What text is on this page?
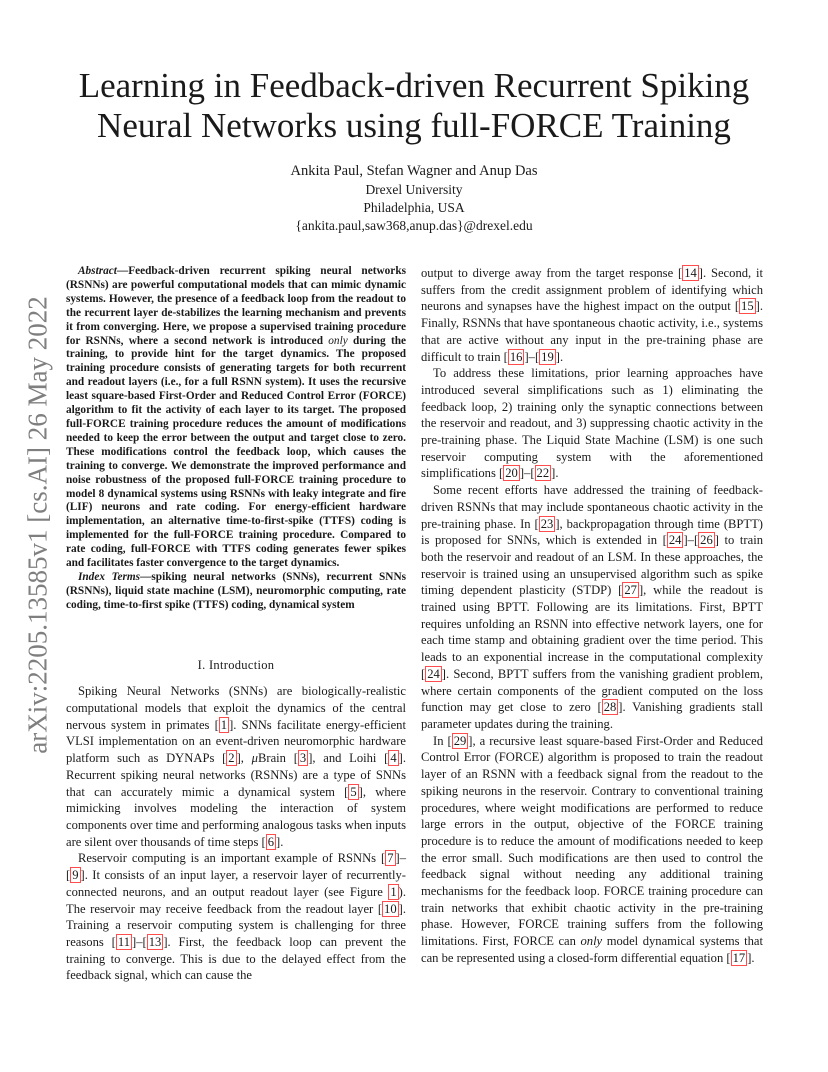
Learning in Feedback-driven Recurrent Spiking Neural Networks using full-FORCE Training
Ankita Paul, Stefan Wagner and Anup Das
Drexel University
Philadelphia, USA
{ankita.paul,saw368,anup.das}@drexel.edu
arXiv:2205.13585v1 [cs.AI] 26 May 2022

Abstract—Feedback-driven recurrent spiking neural networks (RSNNs) are powerful computational models that can mimic dynamic systems. However, the presence of a feedback loop from the readout to the recurrent layer de-stabilizes the learning mechanism and prevents it from converging. Here, we propose a supervised training procedure for RSNNs, where a second network is introduced only during the training, to provide hint for the target dynamics. The proposed training procedure consists of generating targets for both recurrent and readout layers (i.e., for a full RSNN system). It uses the recursive least square-based First-Order and Reduced Control Error (FORCE) algorithm to fit the activity of each layer to its target. The proposed full-FORCE training procedure reduces the amount of modifications needed to keep the error between the output and target close to zero. These modifications control the feedback loop, which causes the training to converge. We demonstrate the improved performance and noise robustness of the proposed full-FORCE training procedure to model 8 dynamical systems using RSNNs with leaky integrate and fire (LIF) neurons and rate coding. For energy-efficient hardware implementation, an alternative time-to-first-spike (TTFS) coding is implemented for the full-FORCE training procedure. Compared to rate coding, full-FORCE with TTFS coding generates fewer spikes and facilitates faster convergence to the target dynamics.

Index Terms—spiking neural networks (SNNs), recurrent SNNs (RSNNs), liquid state machine (LSM), neuromorphic computing, rate coding, time-to-first spike (TTFS) coding, dynamical system

I. Introduction

Spiking Neural Networks (SNNs) are biologically-realistic computational models that exploit the dynamics of the central nervous system in primates [ 1 ]. SNNs facilitate energy-efficient VLSI implementation on an event-driven neuromorphic hardware platform such as DYNAPs [ 2 ], μBrain [ 3 ], and Loihi [ 4 ]. Recurrent spiking neural networks (RSNNs) are a type of SNNs that can accurately mimic a dynamical system [ 5 ], where mimicking involves modeling the interaction of system components over time and performing analogous tasks when inputs are silent over thousands of time steps [ 6 ].

Reservoir computing is an important example of RSNNs [ 7 ]–[ 9 ]. It consists of an input layer, a reservoir layer of recurrently-connected neurons, and an output readout layer (see Figure 1 ). The reservoir may receive feedback from the readout layer [ 10 ]. Training a reservoir computing system is challenging for three reasons [ 11 ]–[ 13 ]. First, the feedback loop can prevent the training to converge. This is due to the delayed effect from the feedback signal, which can cause the

output to diverge away from the target response [ 14 ]. Second, it suffers from the credit assignment problem of identifying which neurons and synapses have the highest impact on the output [ 15 ]. Finally, RSNNs that have spontaneous chaotic activity, i.e., systems that are active without any input in the pre-training phase are difficult to train [ 16 ]–[ 19 ].

To address these limitations, prior learning approaches have introduced several simplifications such as 1) eliminating the feedback loop, 2) training only the synaptic connections between the reservoir and readout, and 3) suppressing chaotic activity in the pre-training phase. The Liquid State Machine (LSM) is one such reservoir computing system with the aforementioned simplifications [ 20 ]–[ 22 ].

Some recent efforts have addressed the training of feedback-driven RSNNs that may include spontaneous chaotic activity in the pre-training phase. In [ 23 ], backpropagation through time (BPTT) is proposed for SNNs, which is extended in [ 24 ]–[ 26 ] to train both the reservoir and readout of an LSM. In these approaches, the reservoir is trained using an unsupervised algorithm such as spike timing dependent plasticity (STDP) [ 27 ], while the readout is trained using BPTT. Following are its limitations. First, BPTT requires unfolding an RSNN into effective network layers, one for each time stamp and obtaining gradient over the time period. This leads to an exponential increase in the computational complexity [ 24 ]. Second, BPTT suffers from the vanishing gradient problem, where certain components of the gradient computed on the loss function may get close to zero [ 28 ]. Vanishing gradients stall parameter updates during the training.

In [ 29 ], a recursive least square-based First-Order and Reduced Control Error (FORCE) algorithm is proposed to train the readout layer of an RSNN with a feedback signal from the readout to the spiking neurons in the reservoir. Contrary to conventional training procedures, where weight modifications are performed to reduce large errors in the output, objective of the FORCE training procedure is to reduce the amount of modifications needed to keep the error small. Such modifications are then used to control the feedback signal without needing any additional training mechanisms for the feedback loop. FORCE training procedure can train networks that exhibit chaotic activity in the pre-training phase. However, FORCE training suffers from the following limitations. First, FORCE can only model dynamical systems that can be represented using a closed-form differential equation [ 17 ].
